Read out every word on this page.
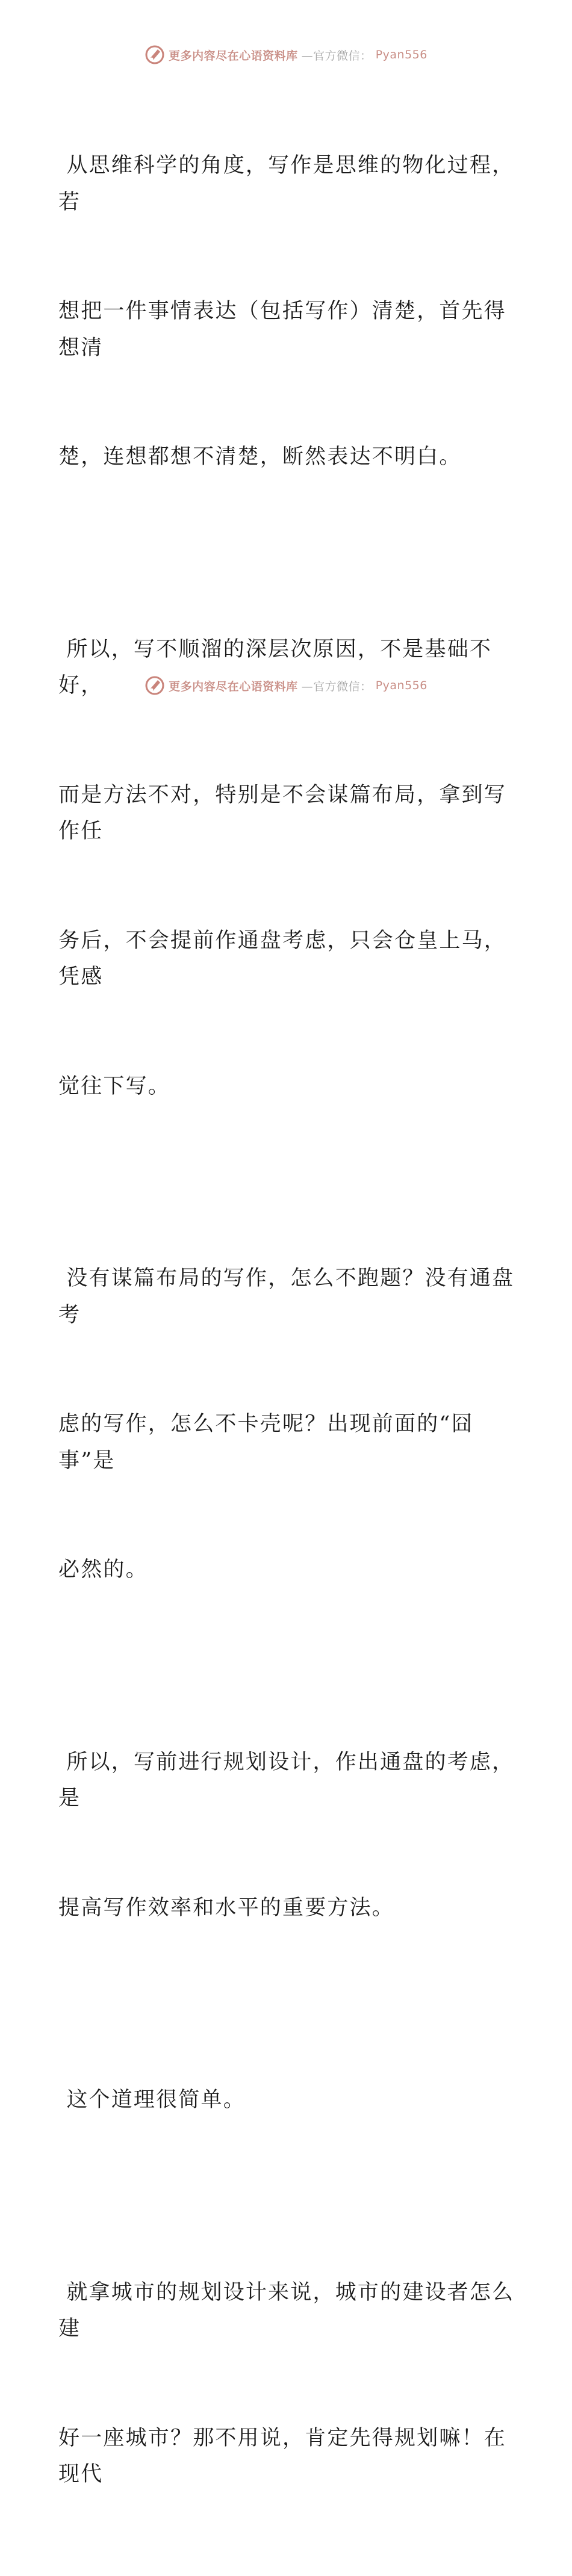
更多内容尽在心语资料库 —官方微信： Pyan556

从思维科学的角度，写作是思维的物化过程，若

想把一件事情表达（包括写作）清楚，首先得想清

楚，连想都想不清楚，断然表达不明白。

所以，写不顺溜的深层次原因，不是基础不好，

而是方法不对，特别是不会谋篇布局，拿到写作任

务后，不会提前作通盘考虑，只会仓皇上马，凭感

觉往下写。

没有谋篇布局的写作，怎么不跑题？没有通盘考

虑的写作，怎么不卡壳呢？出现前面的“囧事”是

必然的。

所以，写前进行规划设计，作出通盘的考虑，是

提高写作效率和水平的重要方法。

这个道理很简单。

就拿城市的规划设计来说，城市的建设者怎么建

好一座城市？那不用说，肯定先得规划嘛！在现代

更多内容尽在心语资料库 —官方微信： Pyan556
